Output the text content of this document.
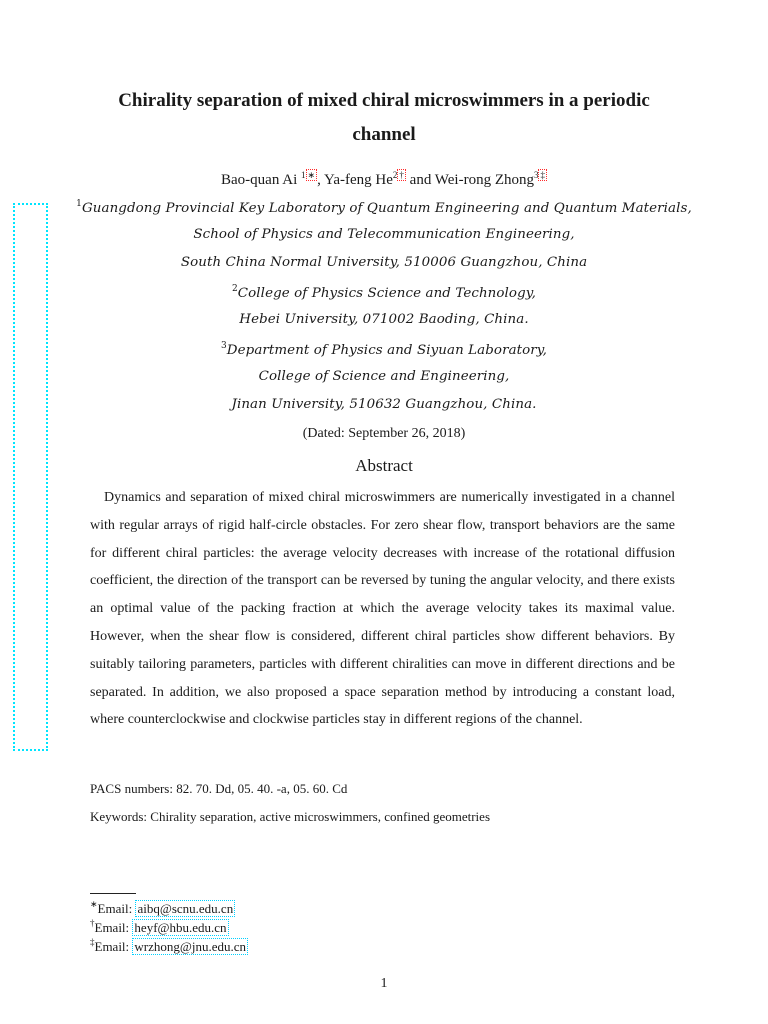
Chirality separation of mixed chiral microswimmers in a periodic
channel
Bao-quan Ai $^1$ ∗ , Ya-feng He$^2$ † and Wei-rong Zhong$^3$ ‡
$^1$Guangdong Provincial Key Laboratory of Quantum Engineering and Quantum Materials,
School of Physics and Telecommunication Engineering,
South China Normal University, 510006 Guangzhou, China
$^2$College of Physics Science and Technology,
Hebei University, 071002 Baoding, China.
$^3$Department of Physics and Siyuan Laboratory,
College of Science and Engineering,
Jinan University, 510632 Guangzhou, China.
(Dated: September 26, 2018)
Abstract

Dynamics and separation of mixed chiral microswimmers are numerically investigated in a channel with regular arrays of rigid half-circle obstacles. For zero shear flow, transport behaviors are the same for different chiral particles: the average velocity decreases with increase of the rotational diffusion coefficient, the direction of the transport can be reversed by tuning the angular velocity, and there exists an optimal value of the packing fraction at which the average velocity takes its maximal value. However, when the shear flow is considered, different chiral particles show different behaviors. By suitably tailoring parameters, particles with different chiralities can move in different directions and be separated. In addition, we also proposed a space separation method by introducing a constant load, where counterclockwise and clockwise particles stay in different regions of the channel.

PACS numbers: 82. 70. Dd, 05. 40. -a, 05. 60. Cd
Keywords: Chirality separation, active microswimmers, confined geometries
∗Email: aibq@scnu.edu.cn
†Email: heyf@hbu.edu.cn
‡Email: wrzhong@jnu.edu.cn
1
